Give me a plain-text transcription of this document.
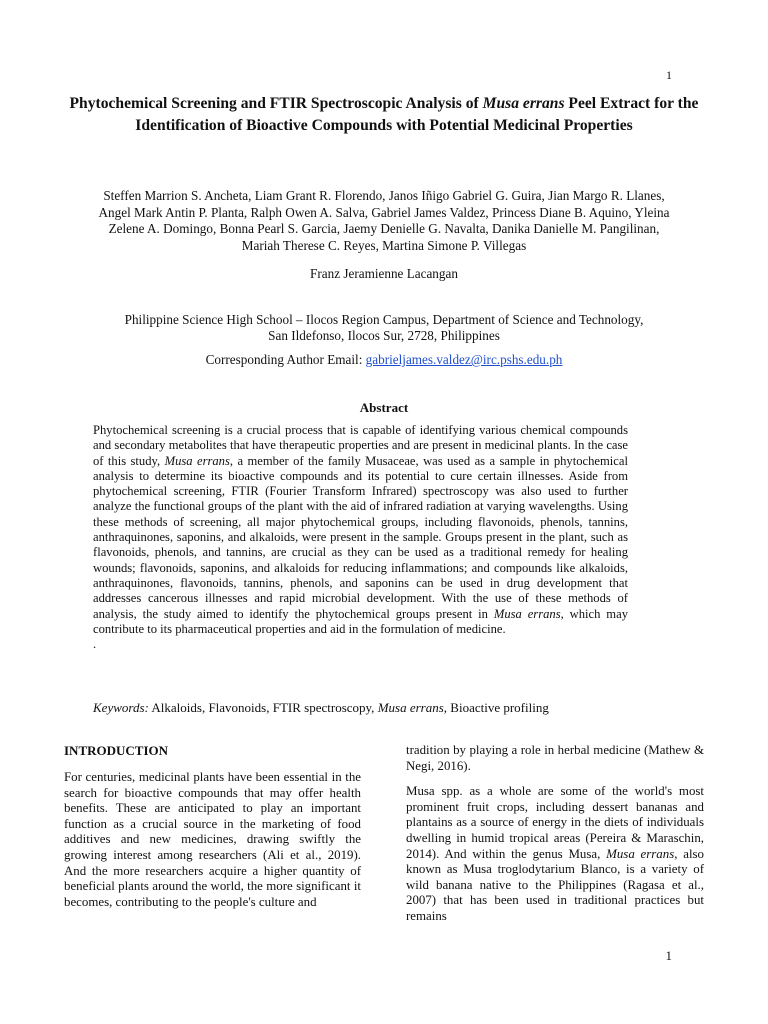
1
Phytochemical Screening and FTIR Spectroscopic Analysis of Musa errans Peel Extract for the Identification of Bioactive Compounds with Potential Medicinal Properties
Steffen Marrion S. Ancheta, Liam Grant R. Florendo, Janos Iñigo Gabriel G. Guira, Jian Margo R. Llanes, Angel Mark Antin P. Planta, Ralph Owen A. Salva, Gabriel James Valdez, Princess Diane B. Aquino, Yleina Zelene A. Domingo, Bonna Pearl S. Garcia, Jaemy Denielle G. Navalta, Danika Danielle M. Pangilinan, Mariah Therese C. Reyes, Martina Simone P. Villegas
Franz Jeramienne Lacangan
Philippine Science High School – Ilocos Region Campus, Department of Science and Technology,
San Ildefonso, Ilocos Sur, 2728, Philippines
Corresponding Author Email: gabrieljames.valdez@irc.pshs.edu.ph
Abstract
Phytochemical screening is a crucial process that is capable of identifying various chemical compounds and secondary metabolites that have therapeutic properties and are present in medicinal plants. In the case of this study, Musa errans, a member of the family Musaceae, was used as a sample in phytochemical analysis to determine its bioactive compounds and its potential to cure certain illnesses. Aside from phytochemical screening, FTIR (Fourier Transform Infrared) spectroscopy was also used to further analyze the functional groups of the plant with the aid of infrared radiation at varying wavelengths. Using these methods of screening, all major phytochemical groups, including flavonoids, phenols, tannins, anthraquinones, saponins, and alkaloids, were present in the sample. Groups present in the plant, such as flavonoids, phenols, and tannins, are crucial as they can be used as a traditional remedy for healing wounds; flavonoids, saponins, and alkaloids for reducing inflammations; and compounds like alkaloids, anthraquinones, flavonoids, tannins, phenols, and saponins can be used in drug development that addresses cancerous illnesses and rapid microbial development. With the use of these methods of analysis, the study aimed to identify the phytochemical groups present in Musa errans, which may contribute to its pharmaceutical properties and aid in the formulation of medicine.
.
Keywords: Alkaloids, Flavonoids, FTIR spectroscopy, Musa errans, Bioactive profiling
INTRODUCTION

For centuries, medicinal plants have been essential in the search for bioactive compounds that may offer health benefits. These are anticipated to play an important function as a crucial source in the marketing of food additives and new medicines, drawing swiftly the growing interest among researchers (Ali et al., 2019). And the more researchers acquire a higher quantity of beneficial plants around the world, the more significant it becomes, contributing to the people's culture and

tradition by playing a role in herbal medicine (Mathew & Negi, 2016).

Musa spp. as a whole are some of the world's most prominent fruit crops, including dessert bananas and plantains as a source of energy in the diets of individuals dwelling in humid tropical areas (Pereira & Maraschin, 2014). And within the genus Musa, Musa errans, also known as Musa troglodytarium Blanco, is a variety of wild banana native to the Philippines (Ragasa et al., 2007) that has been used in traditional practices but remains

1
